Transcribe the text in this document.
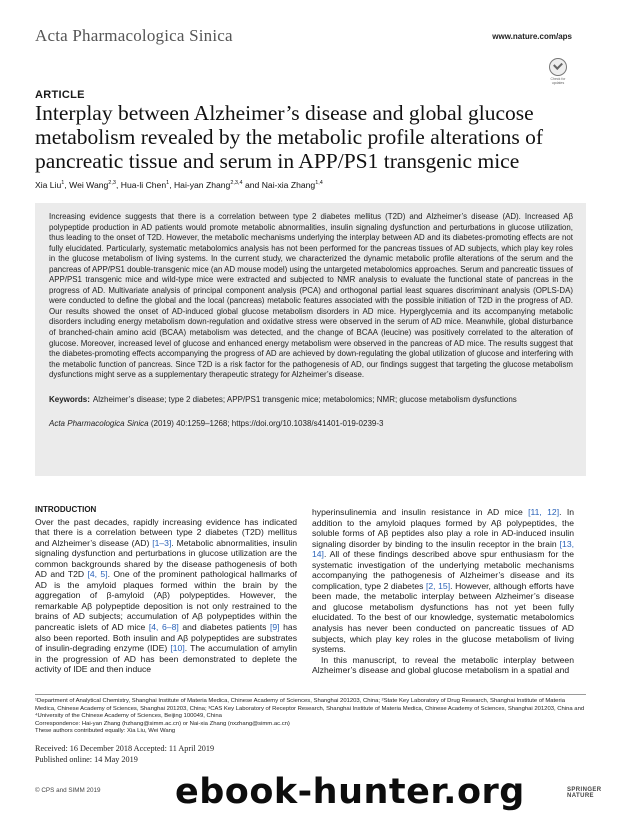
Acta Pharmacologica Sinica	www.nature.com/aps
Check for updates
ARTICLE
Interplay between Alzheimer’s disease and global glucose metabolism revealed by the metabolic profile alterations of pancreatic tissue and serum in APP/PS1 transgenic mice
Xia Liu$^1$, Wei Wang$^{2,3}$, Hua-li Chen$^1$, Hai-yan Zhang$^{2,3,4}$ and Nai-xia Zhang$^{1,4}$

Increasing evidence suggests that there is a correlation between type 2 diabetes mellitus (T2D) and Alzheimer’s disease (AD). Increased Aβ polypeptide production in AD patients would promote metabolic abnormalities, insulin signaling dysfunction and perturbations in glucose utilization, thus leading to the onset of T2D. However, the metabolic mechanisms underlying the interplay between AD and its diabetes-promoting effects are not fully elucidated. Particularly, systematic metabolomics analysis has not been performed for the pancreas tissues of AD subjects, which play key roles in the glucose metabolism of living systems. In the current study, we characterized the dynamic metabolic profile alterations of the serum and the pancreas of APP/PS1 double-transgenic mice (an AD mouse model) using the untargeted metabolomics approaches. Serum and pancreatic tissues of APP/PS1 transgenic mice and wild-type mice were extracted and subjected to NMR analysis to evaluate the functional state of pancreas in the progress of AD. Multivariate analysis of principal component analysis (PCA) and orthogonal partial least squares discriminant analysis (OPLS-DA) were conducted to define the global and the local (pancreas) metabolic features associated with the possible initiation of T2D in the progress of AD. Our results showed the onset of AD-induced global glucose metabolism disorders in AD mice. Hyperglycemia and its accompanying metabolic disorders including energy metabolism down-regulation and oxidative stress were observed in the serum of AD mice. Meanwhile, global disturbance of branched-chain amino acid (BCAA) metabolism was detected, and the change of BCAA (leucine) was positively correlated to the alteration of glucose. Moreover, increased level of glucose and enhanced energy metabolism were observed in the pancreas of AD mice. The results suggest that the diabetes-promoting effects accompanying the progress of AD are achieved by down-regulating the global utilization of glucose and interfering with the metabolic function of pancreas. Since T2D is a risk factor for the pathogenesis of AD, our findings suggest that targeting the glucose metabolism dysfunctions might serve as a supplementary therapeutic strategy for Alzheimer’s disease.

Keywords: Alzheimer’s disease; type 2 diabetes; APP/PS1 transgenic mice; metabolomics; NMR; glucose metabolism dysfunctions
Acta Pharmacologica Sinica (2019) 40:1259–1268; https://doi.org/10.1038/s41401-019-0239-3
INTRODUCTION

Over the past decades, rapidly increasing evidence has indicated that there is a correlation between type 2 diabetes (T2D) mellitus and Alzheimer’s disease (AD) [1–3]. Metabolic abnormalities, insulin signaling dysfunction and perturbations in glucose utilization are the common backgrounds shared by the disease pathogenesis of both AD and T2D [4, 5]. One of the prominent pathological hallmarks of AD is the amyloid plaques formed within the brain by the aggregation of β-amyloid (Aβ) polypeptides. However, the remarkable Aβ polypeptide deposition is not only restrained to the brains of AD subjects; accumulation of Aβ polypeptides within the pancreatic islets of AD mice [4, 6–8] and diabetes patients [9] has also been reported. Both insulin and Aβ polypeptides are substrates of insulin-degrading enzyme (IDE) [10]. The accumulation of amylin in the progression of AD has been demonstrated to deplete the activity of IDE and then induce

hyperinsulinemia and insulin resistance in AD mice [11, 12]. In addition to the amyloid plaques formed by Aβ polypeptides, the soluble forms of Aβ peptides also play a role in AD-induced insulin signaling disorder by binding to the insulin receptor in the brain [13, 14]. All of these findings described above spur enthusiasm for the systematic investigation of the underlying metabolic mechanisms accompanying the pathogenesis of Alzheimer’s disease and its complication, type 2 diabetes [2, 15]. However, although efforts have been made, the metabolic interplay between Alzheimer’s disease and glucose metabolism dysfunctions has not yet been fully elucidated. To the best of our knowledge, systematic metabolomics analysis has never been conducted on pancreatic tissues of AD subjects, which play key roles in the glucose metabolism of living systems.

In this manuscript, to reveal the metabolic interplay between Alzheimer’s disease and global glucose metabolism in a spatial and

¹Department of Analytical Chemistry, Shanghai Institute of Materia Medica, Chinese Academy of Sciences, Shanghai 201203, China; ²State Key Laboratory of Drug Research, Shanghai Institute of Materia Medica, Chinese Academy of Sciences, Shanghai 201203, China; ³CAS Key Laboratory of Receptor Research, Shanghai Institute of Materia Medica, Chinese Academy of Sciences, Shanghai 201203, China and ⁴University of the Chinese Academy of Sciences, Beijing 100049, China

Correspondence: Hai-yan Zhang (hzhang@simm.ac.cn) or Nai-xia Zhang (nxzhang@simm.ac.cn)

These authors contributed equally: Xia Liu, Wei Wang

Received: 16 December 2018 Accepted: 11 April 2019

Published online: 14 May 2019

© CPS and SIMM 2019	SPRINGER NATURE
ebook-hunter.org
